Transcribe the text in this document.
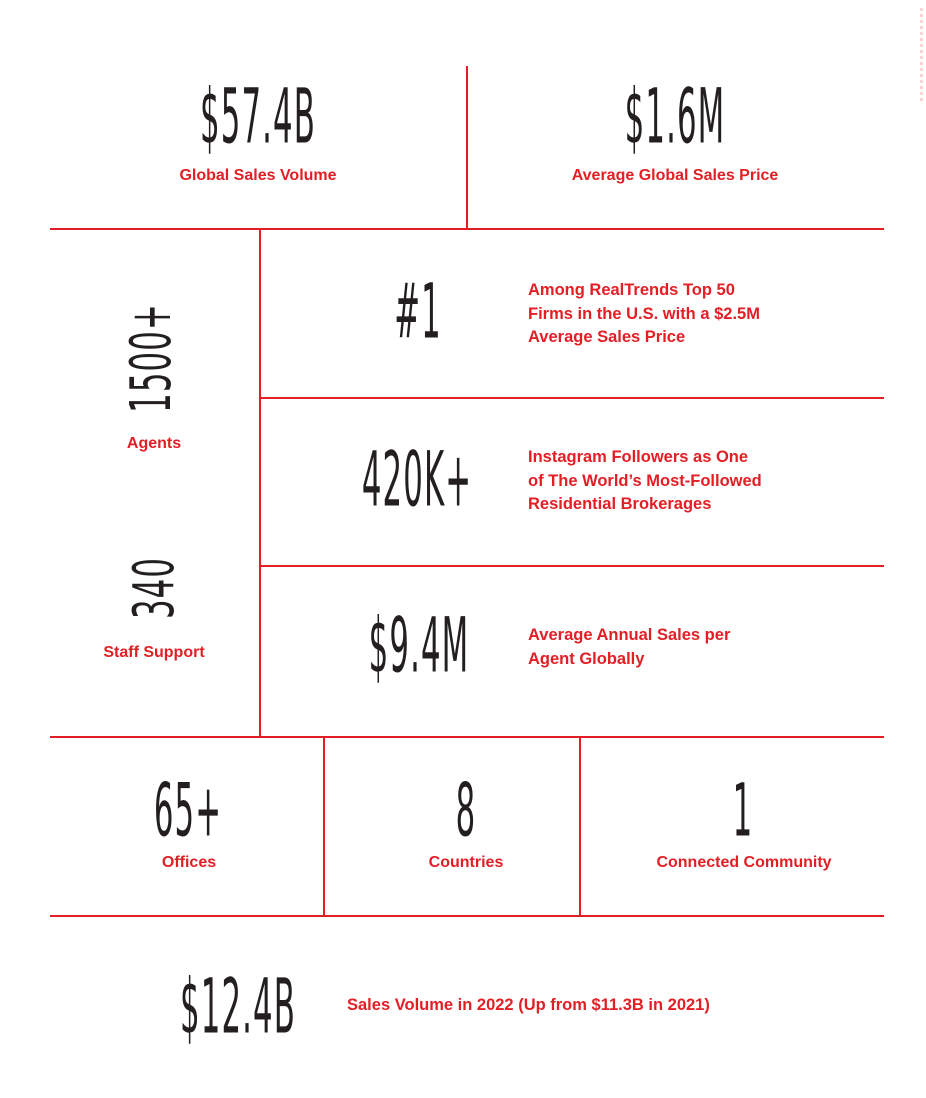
$57.4B
Global Sales Volume
$1.6M
Average Global Sales Price
1500+
Agents
340
Staff Support
#1	Among RealTrends Top 50
Firms in the U.S. with a $2.5M
Average Sales Price
420K+	Instagram Followers as One
of The World’s Most-Followed
Residential Brokerages
$9.4M	Average Annual Sales per
Agent Globally
65+
Offices
8
Countries
1
Connected Community
$12.4B	Sales Volume in 2022 (Up from $11.3B in 2021)
